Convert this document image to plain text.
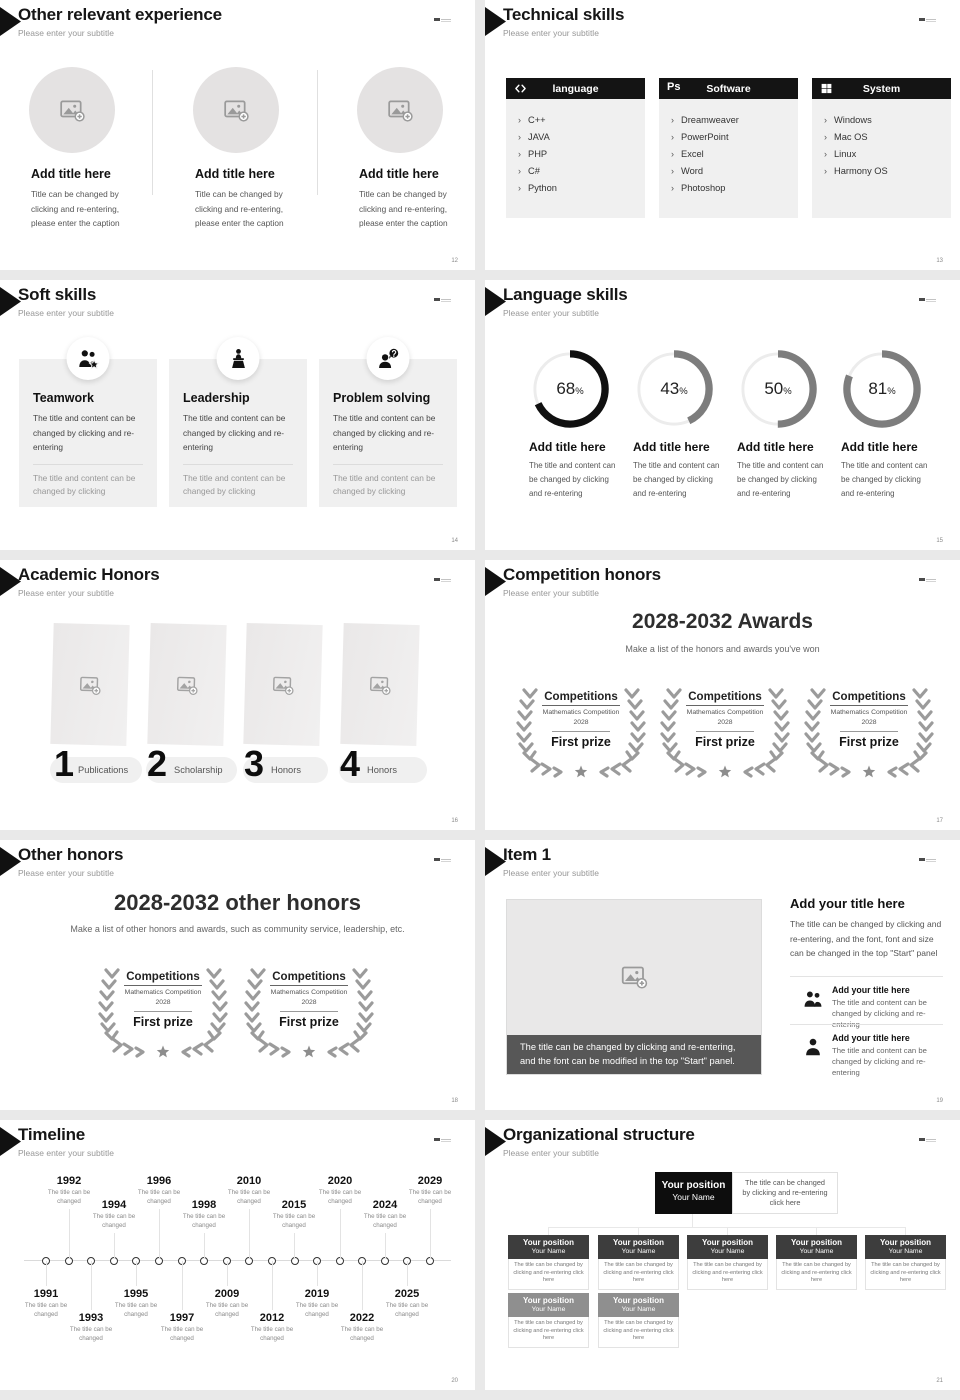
Other relevant experience
Please enter your subtitle
Add title here
Title can be changed by clicking and re-entering, please enter the caption
Add title here
Title can be changed by clicking and re-entering, please enter the caption
Add title here
Title can be changed by clicking and re-entering, please enter the caption
12
Technical skills
Please enter your subtitle
language
› C++
› JAVA
› PHP
› C#
› Python
Ps Software
› Dreamweaver
› PowerPoint
› Excel
› Word
› Photoshop
System
› Windows
› Mac OS
› Linux
› Harmony OS
13
Soft skills
Please enter your subtitle
Teamwork
The title and content can be changed by clicking and re-entering
The title and content can be changed by clicking
Leadership
The title and content can be changed by clicking and re-entering
The title and content can be changed by clicking
Problem solving
The title and content can be changed by clicking and re-entering
The title and content can be changed by clicking
14
Language skills
Please enter your subtitle
68 %
Add title here
The title and content can be changed by clicking and re-entering
43 %
Add title here
The title and content can be changed by clicking and re-entering
50 %
Add title here
The title and content can be changed by clicking and re-entering
81 %
Add title here
The title and content can be changed by clicking and re-entering
15
Academic Honors
Please enter your subtitle
Publications	Scholarship	Honors	Honors
1 2 3 4
16
Competition honors
Please enter your subtitle
2028-2032 Awards
Make a list of the honors and awards you've won
Competitions
Mathematics Competition
2028
First prize
Competitions
Mathematics Competition
2028
First prize
Competitions
Mathematics Competition
2028
First prize
17
Other honors
Please enter your subtitle
2028-2032 other honors
Make a list of other honors and awards, such as community service, leadership, etc.
Competitions
Mathematics Competition
2028
First prize
Competitions
Mathematics Competition
2028
First prize
18
Item 1
Please enter your subtitle
The title can be changed by clicking and re-entering, and the font can be modified in the top "Start" panel.
Add your title here
The title can be changed by clicking and re-entering, and the font, font and size can be changed in the top "Start" panel
Add your title here
The title and content can be changed by clicking and re-entering
Add your title here
The title and content can be changed by clicking and re-entering
19
Timeline
Please enter your subtitle
1991
The title can be changed
1992
The title can be changed
1993
The title can be changed
1994
The title can be changed
1995
The title can be changed
1996
The title can be changed
1997
The title can be changed
1998
The title can be changed
2009
The title can be changed
2010
The title can be changed
2012
The title can be changed
2015
The title can be changed
2019
The title can be changed
2020
The title can be changed
2022
The title can be changed
2024
The title can be changed
2025
The title can be changed
2029
The title can be changed
20
Organizational structure
Please enter your subtitle
Your position
Your Name
The title can be changed by clicking and re-entering click here
Your position
Your Name
The title can be changed by clicking and re-entering click here
Your position
Your Name
The title can be changed by clicking and re-entering click here
Your position
Your Name
The title can be changed by clicking and re-entering click here
Your position
Your Name
The title can be changed by clicking and re-entering click here
Your position
Your Name
The title can be changed by clicking and re-entering click here
Your position
Your Name
The title can be changed by clicking and re-entering click here
Your position
Your Name
The title can be changed by clicking and re-entering click here
21
